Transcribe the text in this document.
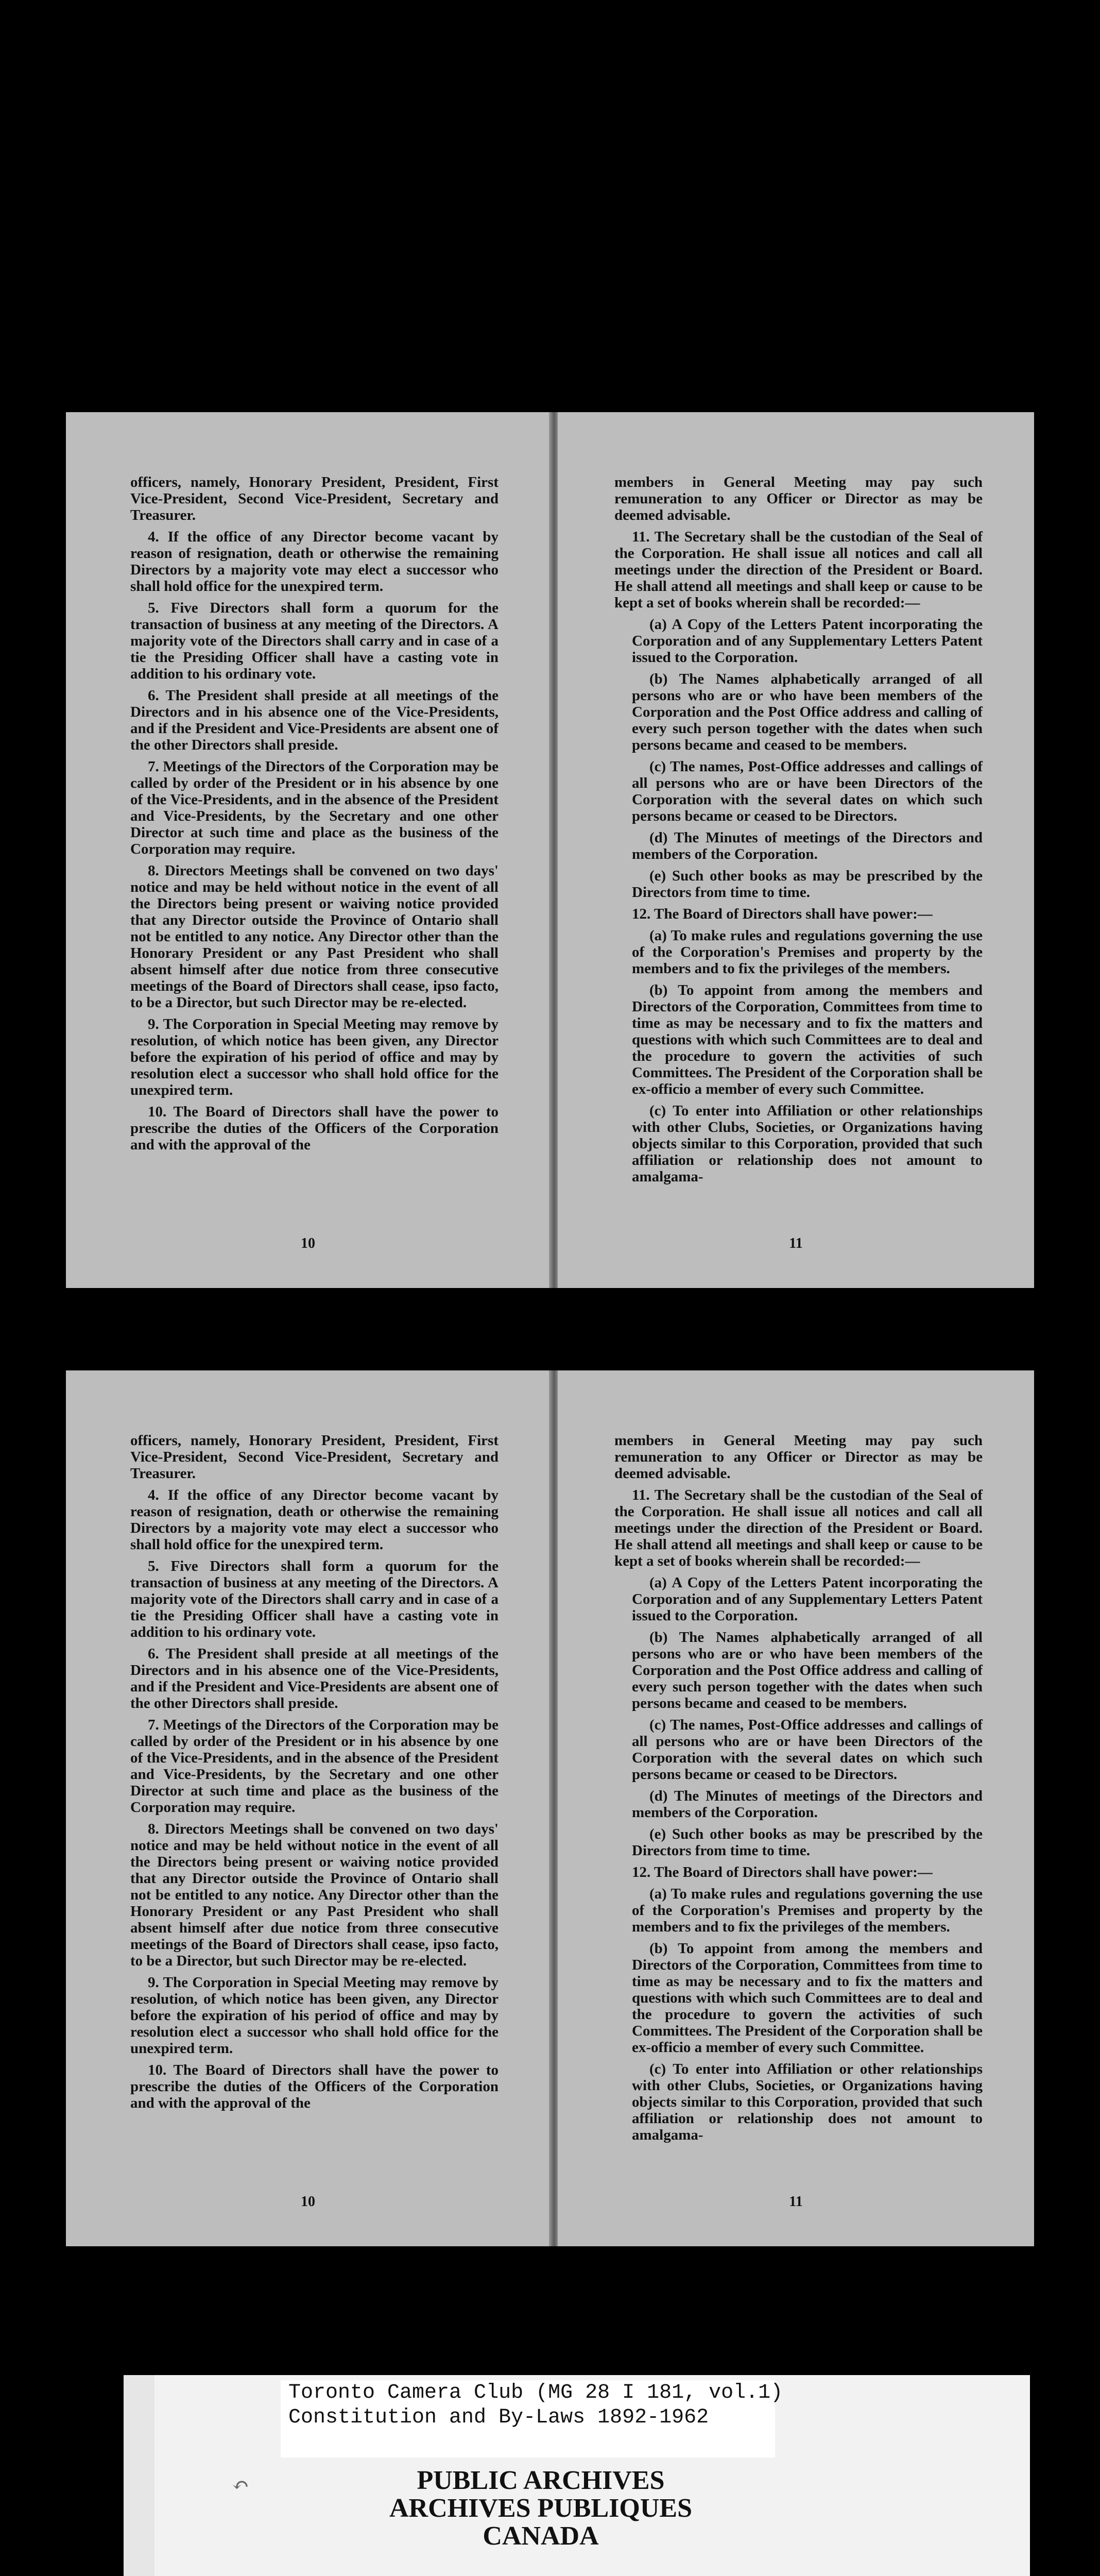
officers, namely, Honorary President, President, First Vice-President, Second Vice-President, Secretary and Treasurer.

4. If the office of any Director become vacant by reason of resignation, death or otherwise the remaining Directors by a majority vote may elect a successor who shall hold office for the unexpired term.

5. Five Directors shall form a quorum for the transaction of business at any meeting of the Directors. A majority vote of the Directors shall carry and in case of a tie the Presiding Officer shall have a casting vote in addition to his ordinary vote.

6. The President shall preside at all meetings of the Directors and in his absence one of the Vice-Presidents, and if the President and Vice-Presidents are absent one of the other Directors shall preside.

7. Meetings of the Directors of the Corporation may be called by order of the President or in his absence by one of the Vice-Presidents, and in the absence of the President and Vice-Presidents, by the Secretary and one other Director at such time and place as the business of the Corporation may require.

8. Directors Meetings shall be convened on two days' notice and may be held without notice in the event of all the Directors being present or waiving notice provided that any Director outside the Province of Ontario shall not be entitled to any notice. Any Director other than the Honorary President or any Past President who shall absent himself after due notice from three consecutive meetings of the Board of Directors shall cease, ipso facto, to be a Director, but such Director may be re-elected.

9. The Corporation in Special Meeting may remove by resolution, of which notice has been given, any Director before the expiration of his period of office and may by resolution elect a successor who shall hold office for the unexpired term.

10. The Board of Directors shall have the power to prescribe the duties of the Officers of the Corporation and with the approval of the

10

members in General Meeting may pay such remuneration to any Officer or Director as may be deemed advisable.

11. The Secretary shall be the custodian of the Seal of the Corporation. He shall issue all notices and call all meetings under the direction of the President or Board. He shall attend all meetings and shall keep or cause to be kept a set of books wherein shall be recorded:—

(a) A Copy of the Letters Patent incorporating the Corporation and of any Supplementary Letters Patent issued to the Corporation.

(b) The Names alphabetically arranged of all persons who are or who have been members of the Corporation and the Post Office address and calling of every such person together with the dates when such persons became and ceased to be members.

(c) The names, Post-Office addresses and callings of all persons who are or have been Directors of the Corporation with the several dates on which such persons became or ceased to be Directors.

(d) The Minutes of meetings of the Directors and members of the Corporation.

(e) Such other books as may be prescribed by the Directors from time to time.

12. The Board of Directors shall have power:—

(a) To make rules and regulations governing the use of the Corporation's Premises and property by the members and to fix the privileges of the members.

(b) To appoint from among the members and Directors of the Corporation, Committees from time to time as may be necessary and to fix the matters and questions with which such Committees are to deal and the procedure to govern the activities of such Committees. The President of the Corporation shall be ex-officio a member of every such Committee.

(c) To enter into Affiliation or other relationships with other Clubs, Societies, or Organizations having objects similar to this Corporation, provided that such affiliation or relationship does not amount to amalgama-

11

officers, namely, Honorary President, President, First Vice-President, Second Vice-President, Secretary and Treasurer.

4. If the office of any Director become vacant by reason of resignation, death or otherwise the remaining Directors by a majority vote may elect a successor who shall hold office for the unexpired term.

5. Five Directors shall form a quorum for the transaction of business at any meeting of the Directors. A majority vote of the Directors shall carry and in case of a tie the Presiding Officer shall have a casting vote in addition to his ordinary vote.

6. The President shall preside at all meetings of the Directors and in his absence one of the Vice-Presidents, and if the President and Vice-Presidents are absent one of the other Directors shall preside.

7. Meetings of the Directors of the Corporation may be called by order of the President or in his absence by one of the Vice-Presidents, and in the absence of the President and Vice-Presidents, by the Secretary and one other Director at such time and place as the business of the Corporation may require.

8. Directors Meetings shall be convened on two days' notice and may be held without notice in the event of all the Directors being present or waiving notice provided that any Director outside the Province of Ontario shall not be entitled to any notice. Any Director other than the Honorary President or any Past President who shall absent himself after due notice from three consecutive meetings of the Board of Directors shall cease, ipso facto, to be a Director, but such Director may be re-elected.

9. The Corporation in Special Meeting may remove by resolution, of which notice has been given, any Director before the expiration of his period of office and may by resolution elect a successor who shall hold office for the unexpired term.

10. The Board of Directors shall have the power to prescribe the duties of the Officers of the Corporation and with the approval of the

10

members in General Meeting may pay such remuneration to any Officer or Director as may be deemed advisable.

11. The Secretary shall be the custodian of the Seal of the Corporation. He shall issue all notices and call all meetings under the direction of the President or Board. He shall attend all meetings and shall keep or cause to be kept a set of books wherein shall be recorded:—

(a) A Copy of the Letters Patent incorporating the Corporation and of any Supplementary Letters Patent issued to the Corporation.

(b) The Names alphabetically arranged of all persons who are or who have been members of the Corporation and the Post Office address and calling of every such person together with the dates when such persons became and ceased to be members.

(c) The names, Post-Office addresses and callings of all persons who are or have been Directors of the Corporation with the several dates on which such persons became or ceased to be Directors.

(d) The Minutes of meetings of the Directors and members of the Corporation.

(e) Such other books as may be prescribed by the Directors from time to time.

12. The Board of Directors shall have power:—

(a) To make rules and regulations governing the use of the Corporation's Premises and property by the members and to fix the privileges of the members.

(b) To appoint from among the members and Directors of the Corporation, Committees from time to time as may be necessary and to fix the matters and questions with which such Committees are to deal and the procedure to govern the activities of such Committees. The President of the Corporation shall be ex-officio a member of every such Committee.

(c) To enter into Affiliation or other relationships with other Clubs, Societies, or Organizations having objects similar to this Corporation, provided that such affiliation or relationship does not amount to amalgama-

11
Toronto Camera Club (MG 28 I 181, vol.1)
Constitution and By-Laws 1892-1962
↶	PUBLIC ARCHIVES
ARCHIVES PUBLIQUES
CANADA
